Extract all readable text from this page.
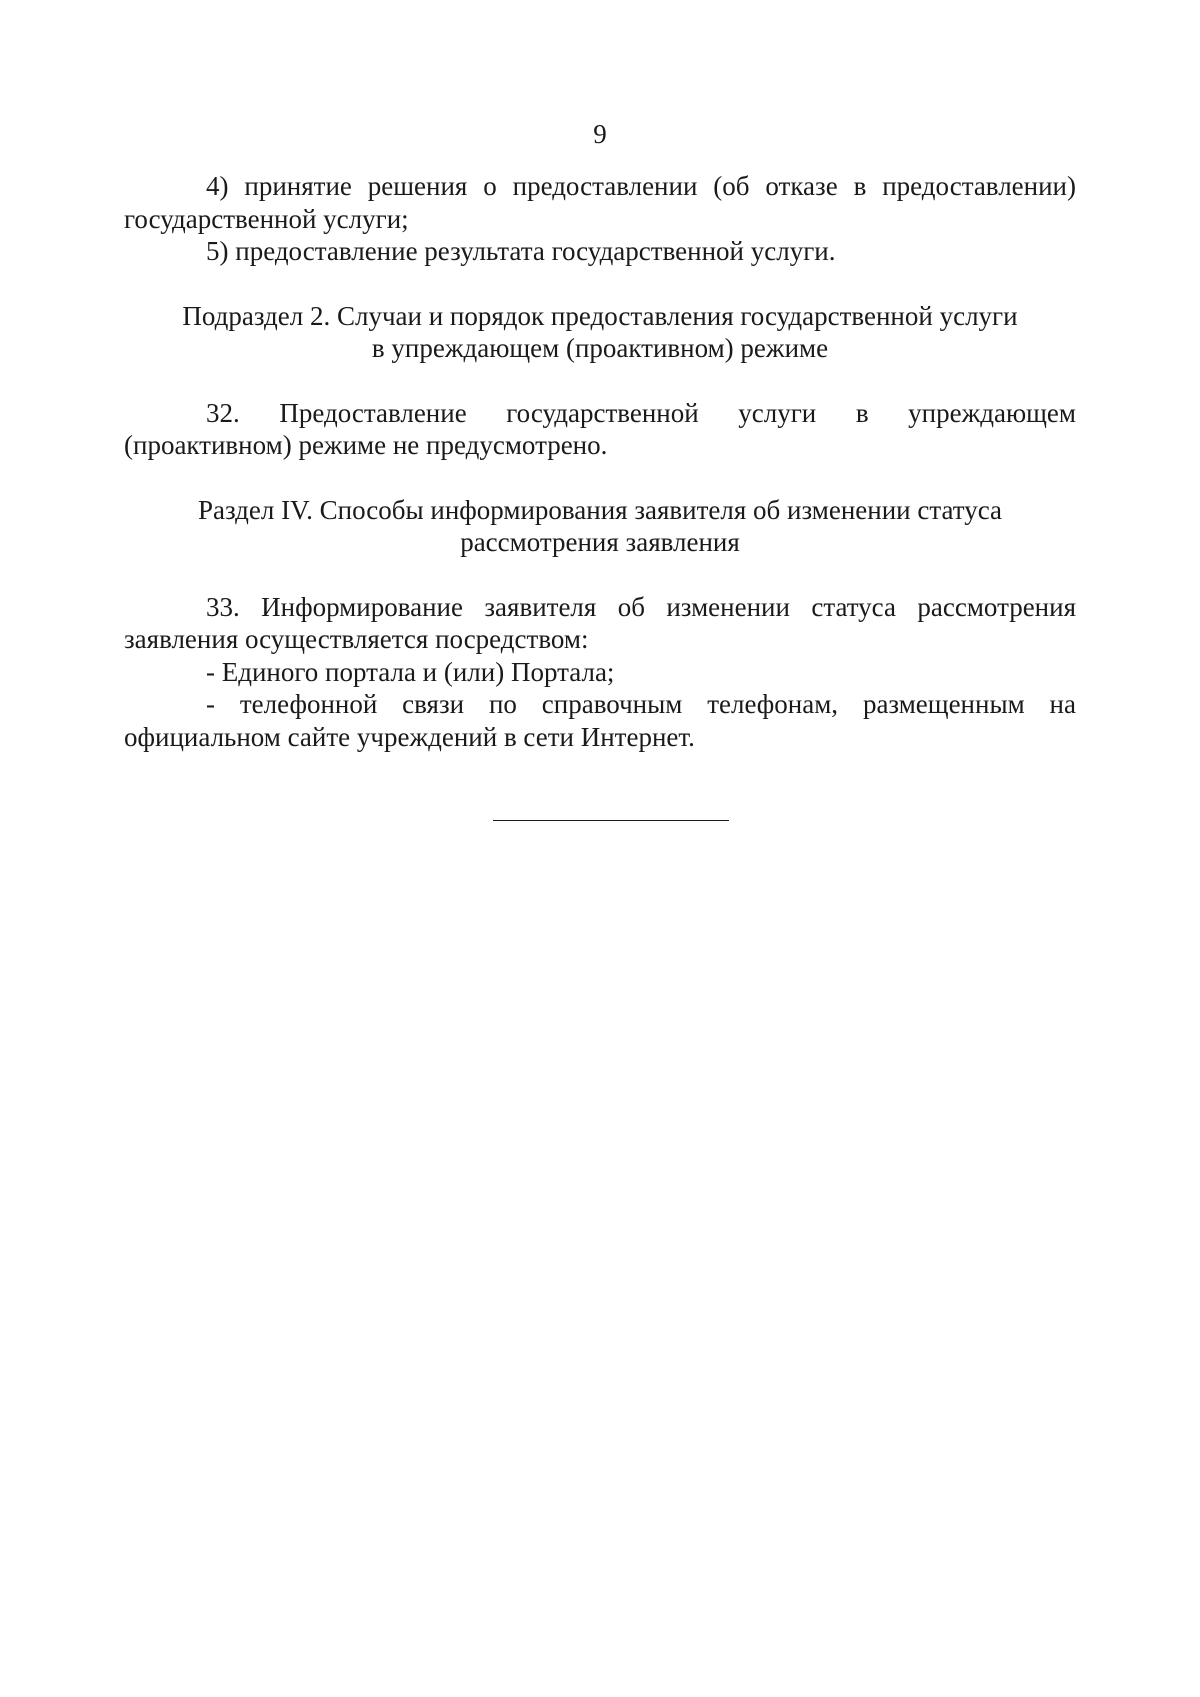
9

4) принятие решения о предоставлении (об отказе в предоставлении) государственной услуги;

5) предоставление результата государственной услуги.

Подраздел 2. Случаи и порядок предоставления государственной услуги

в упреждающем (проактивном) режиме

32. Предоставление государственной услуги в упреждающем (проактивном) режиме не предусмотрено.

Раздел IV. Способы информирования заявителя об изменении статуса

рассмотрения заявления

33. Информирование заявителя об изменении статуса рассмотрения заявления осуществляется посредством:

- Единого портала и (или) Портала;

- телефонной связи по справочным телефонам, размещенным на официальном сайте учреждений в сети Интернет.
